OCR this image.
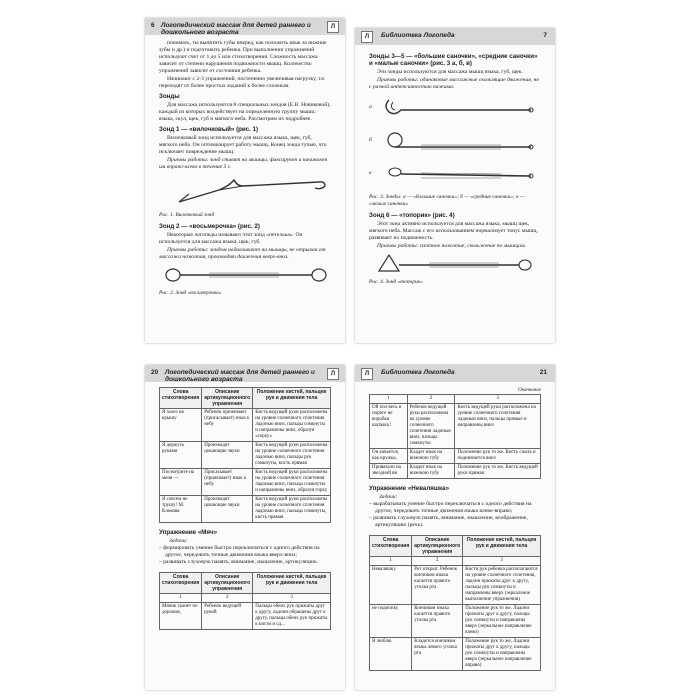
6 Логопедический массаж для детей раннего и дошкольного возраста
Л

понимать, ты выпятить губы вперед, как положить язык за нижние зубы и др.) и подготовить ребенка. При выполнении упражнений используют счет от 1 до 5 или стихотворения. Сложность массажа зависит от степени нарушения подвижности мышц. Количество упражнений зависит от состояния ребенка.

Начинают с 2-3 упражнений, постепенно увеличивая нагрузку, т.е. переходят от более простых заданий к более сложным.

Зонды

Для массажа используются 8 специальных зондов (Е.В. Новиковой), каждый из которых воздействует на определенную группу мышц: языка, скул, щек, губ и мягкого неба. Рассмотрим их подробнее.

Зонд 1 — «вилочковый» (рис. 1)

Вилочковый зонд используется для массажа языка, щек, губ, мягкого неба. Он оптимизирует работу мышц. Конец зонда тупые, что исключает повреждение мышц.

Приемы работы: зонд ставят на мышцы, фиксируют и начинают им вправо-влево в течение 5 с.

Рис. 1. Вилочковый зонд
Зонд 2 — «восьмерочка» (рис. 2)

Некоторые логопеды называют этот зонд «петелька». Он используется для массажа языка, щек, губ.

Приемы работы: зондом надавливают на мышцы, не отрывая от массажа нажатия, производят движения вверх-вниз.

Рис. 2. Зонд «восьмерочка»
Л	Библиотека Логопеда	7
Зонды 3—5 — «большие саночки», «средние саночки» и «малые саночки» (рис. 3 а, б, в)

Эти зонды используются для массажа мышц языка, губ, щек.

Приемы работы: одинаковые массажные скользящие движения, но с разной интенсивностью нажима.

а
б
в
Рис. 3. Зонды: а — «большие саночки»; б — «средние саночки»; в — «малые саночки»
Зонд 6 — «топорик» (рис. 4)

Этот зонд активно используется для массажа языка, мышц щек, мягкого неба. Массаж с его использованием нормализует тонус мышц, развивает их подвижность.

Приемы работы: плотное нажатие, скольжение по мышцам.

Рис. 4. Зонд «топорик»
20 Логопедический массаж для детей раннего и дошкольного возраста
Л
Слова стихотворения	Описание артикуляционного упражнения	Положение кистей, пальцев рук и движения тела
Я залез на крышу	Ребенок прижимает (присасывает) язык к небу	Кисть ведущей руки расположена на уровне солнечного сплетения ладонью вниз, пальцы сомкнуты и направлены вниз, образуя «горку»
Я держусь руками	Производит цокающие звуки	Кисть ведущей руки расположена на уровне солнечного сплетения ладонью вниз, пальцы рук сомкнуты, кисть прямая
Посмотрите на меня —	Присасывает (прижимает) язык к небу	Кисть ведущей руки расположена на уровне солнечного сплетения ладонью вниз, пальцы сомкнуты и направлены вниз, образуя горку
Я совсем не трушу! М. Клокова	Производит цокающие звуки	Кисть ведущей руки расположена на уровне солнечного сплетения ладонью вниз, пальцы сомкнуты, кисть прямая
Упражнение «Мяч»
Задачи:
– формировать умение быстро переключаться с одного действия на другое, чередовать точные движения языка вверх-вниз;
– развивать слуховую память, внимание, мышление, артикуляцию.
Слова стихотворения	Описание артикуляционного упражнения	Положение кистей, пальцев рук и движения тела
1	2	3
Мячик скачет по дорожке,	Ребенок ведущей рукой	Пальцы обеих рук прижаты друг к другу, ладони обращены друг к другу, пальцы обеих рук прижаты к кисти и сд...
Л	Библиотека Логопеда	21
Окончание
1	2	3
Ой пол весь в пороге не воробья шатаясь!	Ребенок ведущей руки расположена на уровне солнечного сплетения ладонью вниз, пальцы сомкнуты	Кисть ведущей руки расположена на уровне солнечного сплетения ладонью вниз, пальцы прямые и направлены вниз
Он качается, как кружка,	Кладет язык на нижнюю губу	Положение рук то же. Кисть сжата и поднимается вниз
Привязали на звездной вн	Кладет язык на нижнюю губу	Положение рук то же. Кисть ведущей руки прямая
Упражнение «Неваляшка»
Задачи:
– вырабатывать умение быстро переключаться с одного действия на другое, чередовать точные движения языка влево-вправо;
– развивать слуховую память, внимание, мышление, воображение, артикуляцию (речь).
Слова стихотворения	Описание артикуляционного упражнения	Положение кистей, пальцев рук и движения тела
1	2	3
Неваляшку	Рот открыт. Ребенок кончиком языка касается правого уголка рта	Кисти рук ребенка располагаются на уровне солнечного сплетения, ладони прижаты друг к другу, пальцы рук сомкнуты и направлены вверх (зеркальное выполнение упражнения)
не подпопку	Кончиком языка касается правого уголка рта	Положение рук то же. Ладони прижаты друг к другу, пальцы рук сомкнуты и направлены вверх (зеркальное направление влево)
Я люблю	Кладется кончиком языка левого уголка рта	Положение рук то же. Ладони прижаты друг к другу, пальцы рук сомкнуты и направлены вверх (зеркальное направление вправо)
